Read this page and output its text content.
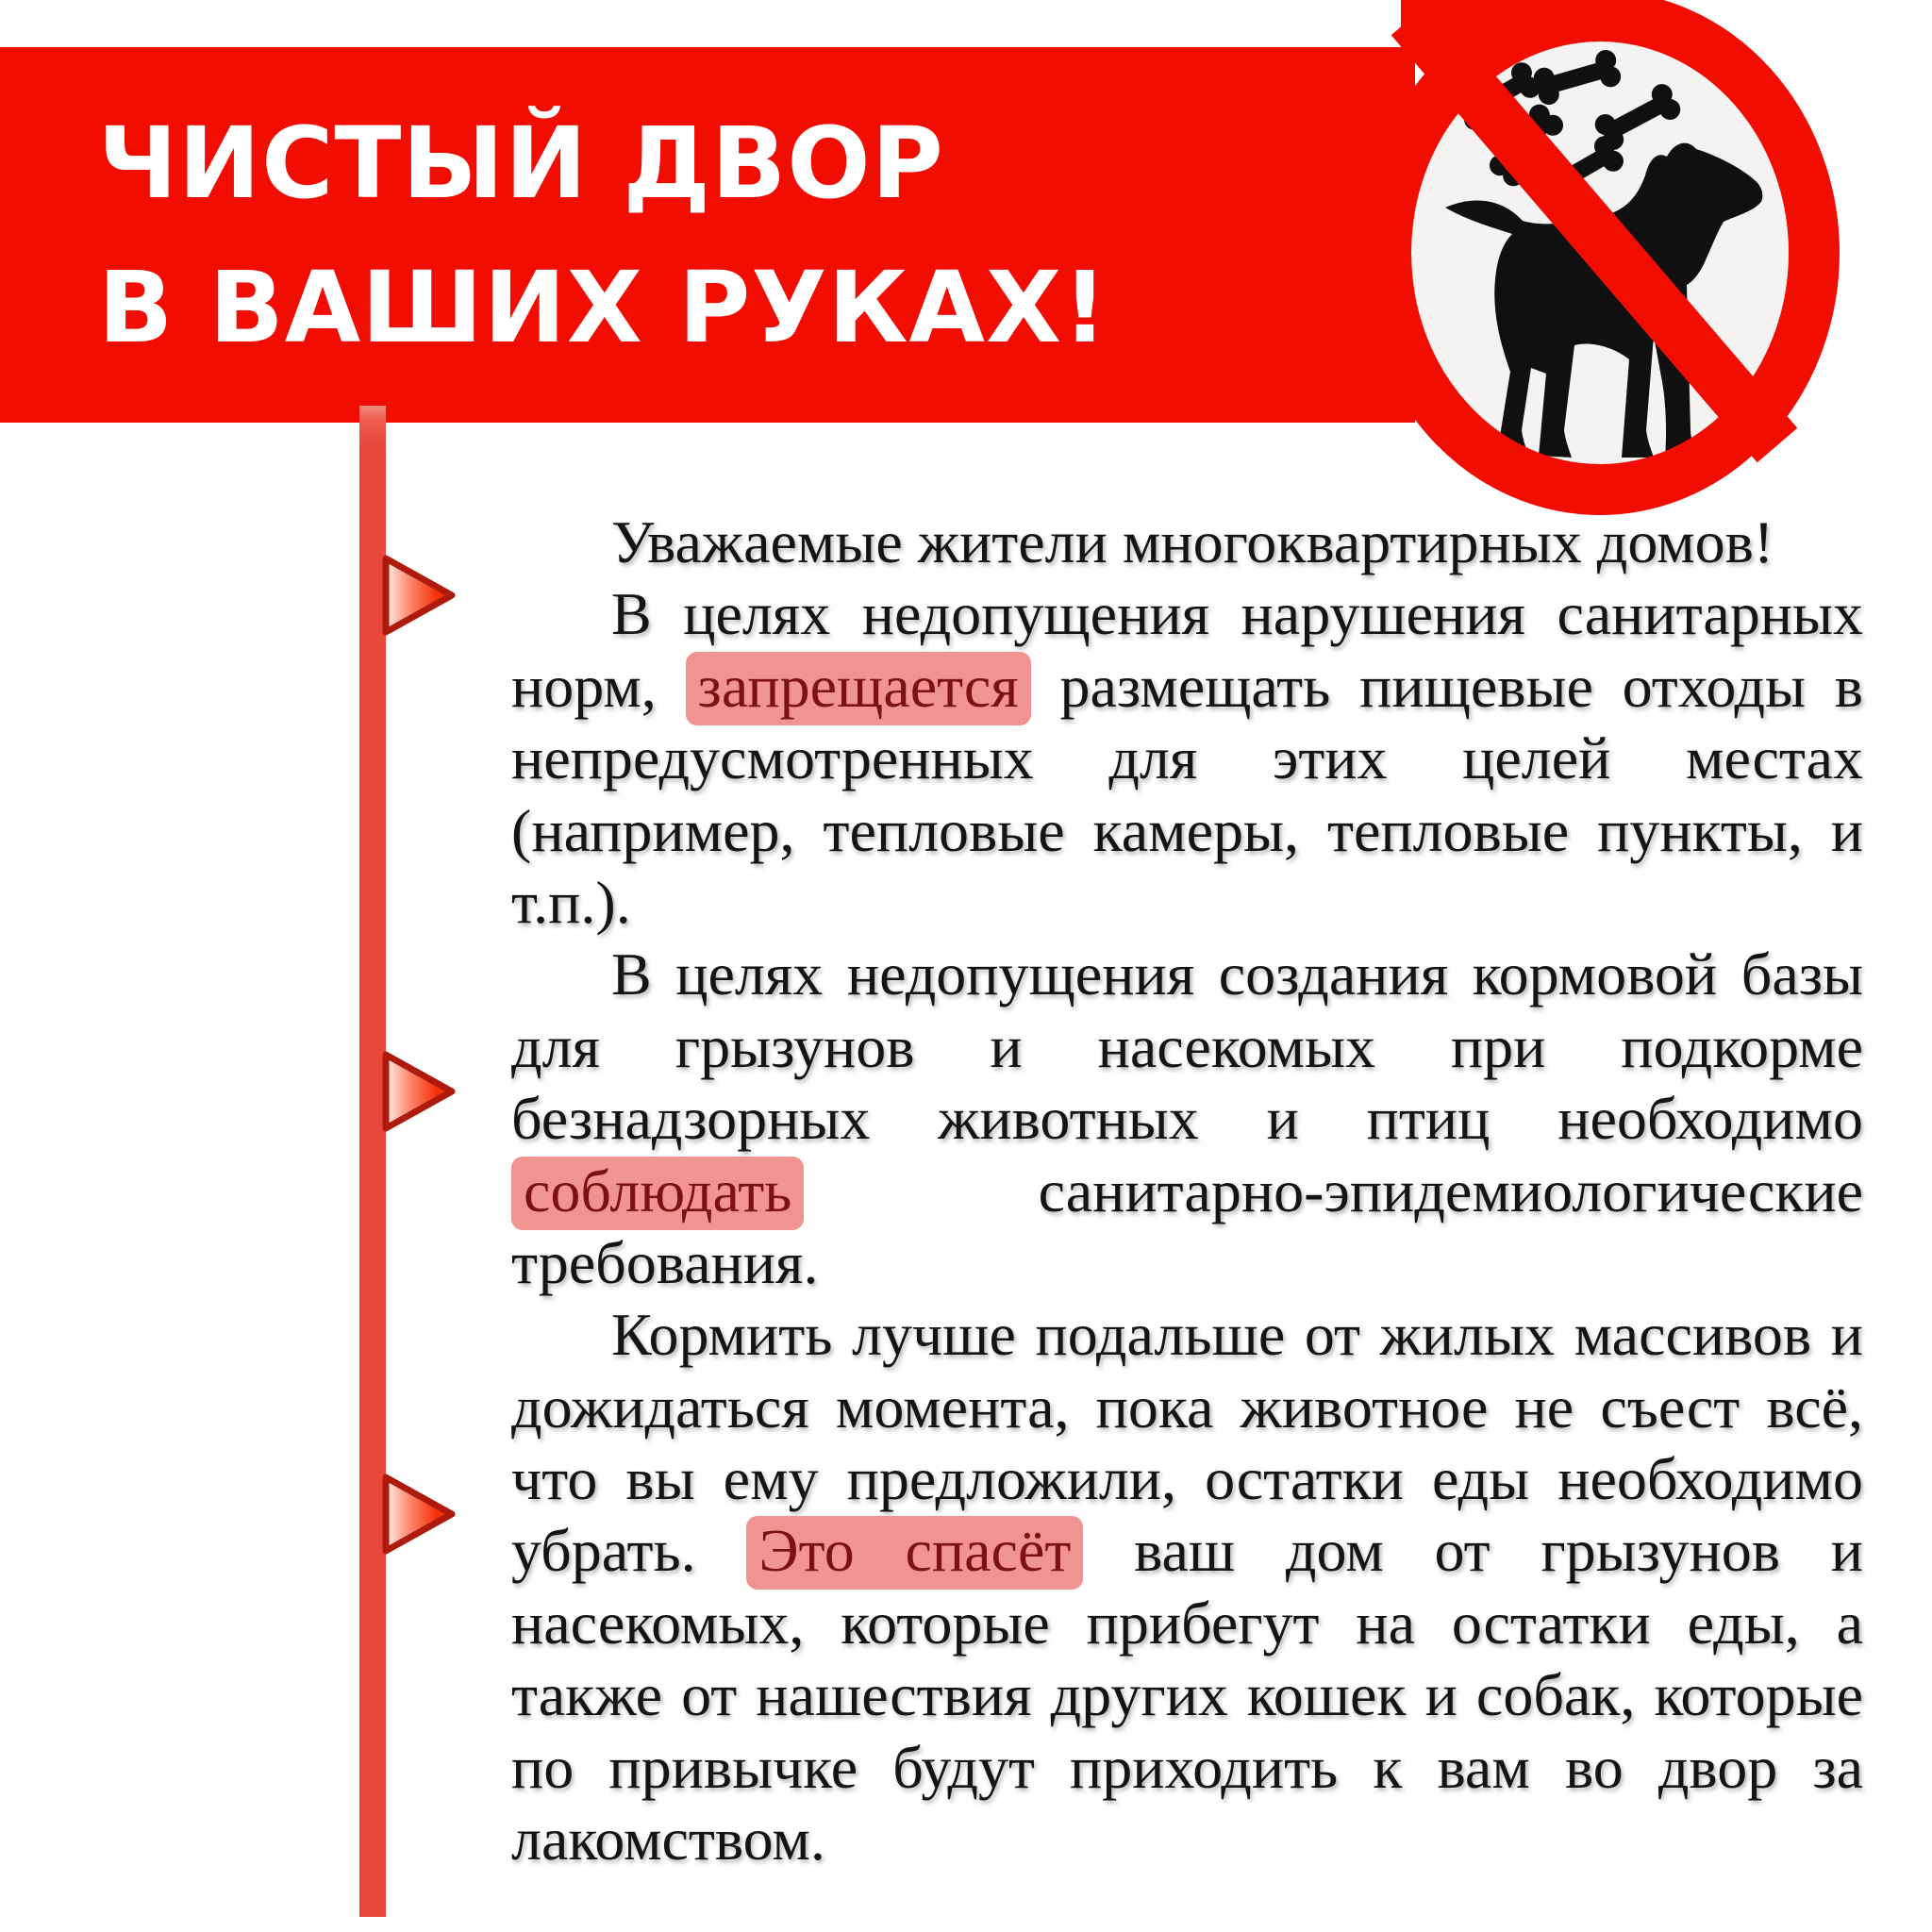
ЧИСТЫЙ ДВОР
В ВАШИХ РУКАХ!
Уважаемые жители многоквартирных домов!
В целях недопущения нарушения санитарных
норм, запрещается размещать пищевые отходы в
непредусмотренных для этих целей местах
(например, тепловые камеры, тепловые пункты, и
т.п.).
В целях недопущения создания кормовой базы
для грызунов и насекомых при подкорме
безнадзорных животных и птиц необходимо
соблюдать санитарно-эпидемиологические
требования.
Кормить лучше подальше от жилых массивов и
дожидаться момента, пока животное не съест всё,
что вы ему предложили, остатки еды необходимо
убрать. Это спасёт ваш дом от грызунов и
насекомых, которые прибегут на остатки еды, а
также от нашествия других кошек и собак, которые
по привычке будут приходить к вам во двор за
лакомством.
